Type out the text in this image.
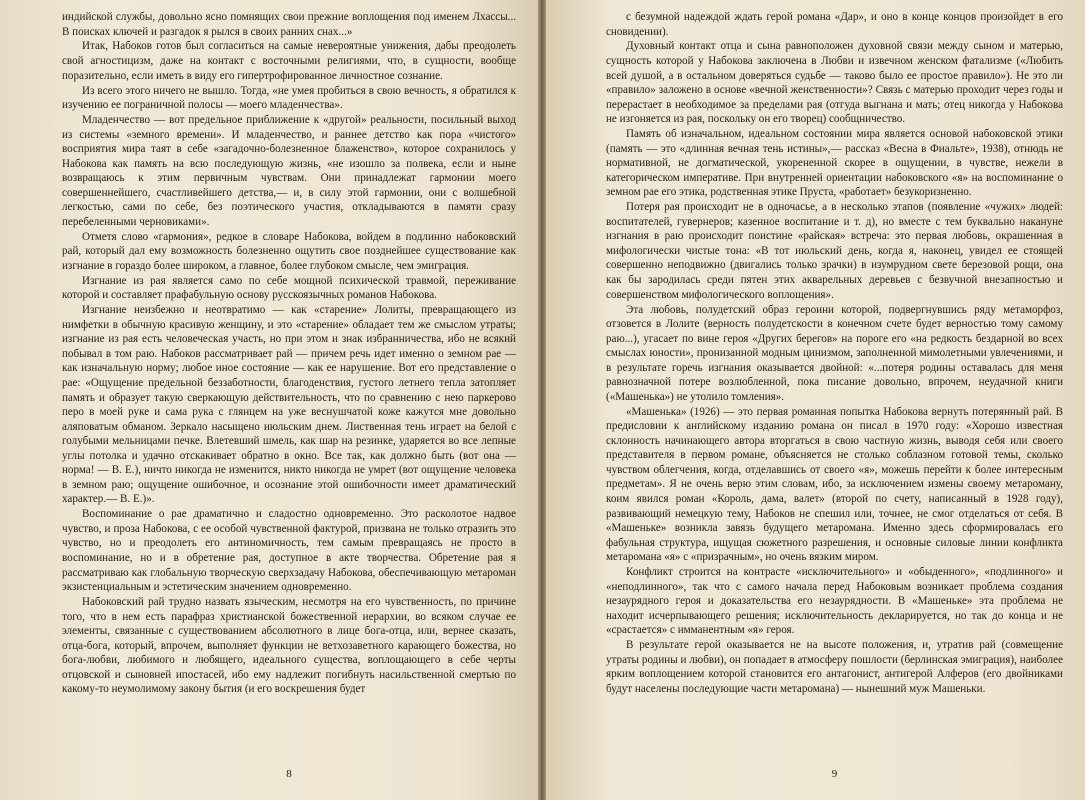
индийской службы, довольно ясно помнящих свои прежние воплощения под именем Лхассы... В поисках ключей и разгадок я рылся в своих ранних снах...»

Итак, Набоков готов был согласиться на самые невероятные унижения, дабы преодолеть свой агностицизм, даже на контакт с восточными религиями, что, в сущности, вообще поразительно, если иметь в виду его гипертрофированное личностное сознание.

Из всего этого ничего не вышло. Тогда, «не умея пробиться в свою вечность, я обратился к изучению ее пограничной полосы — моего младенчества».

Младенчество — вот предельное приближение к «другой» реальности, посильный выход из системы «земного времени». И младенчество, и раннее детство как пора «чистого» восприятия мира таят в себе «загадочно-болезненное блаженство», которое сохранилось у Набокова как память на всю последующую жизнь, «не изошло за полвека, если и ныне возвращаюсь к этим первичным чувствам. Они принадлежат гармонии моего совершеннейшего, счастливейшего детства,— и, в силу этой гармонии, они с волшебной легкостью, сами по себе, без поэтического участия, откладываются в памяти сразу перебеленными черновиками».

Отметя слово «гармония», редкое в словаре Набокова, войдем в подлинно набоковский рай, который дал ему возможность болезненно ощутить свое позднейшее существование как изгнание в гораздо более широком, а главное, более глубоком смысле, чем эмиграция.

Изгнание из рая является само по себе мощной психической травмой, переживание которой и составляет прафабульную основу русскоязычных романов Набокова.

Изгнание неизбежно и неотвратимо — как «старение» Лолиты, превращающего из нимфетки в обычную красивую женщину, и это «старение» обладает тем же смыслом утраты; изгнание из рая есть человеческая участь, но при этом и знак избранничества, ибо не всякий побывал в том раю. Набоков рассматривает рай — причем речь идет именно о земном рае — как изначальную норму; любое иное состояние — как ее нарушение. Вот его представление о рае: «Ощущение предельной беззаботности, благоденствия, густого летнего тепла затопляет память и образует такую сверкающую действительность, что по сравнению с нею паркерово перо в моей руке и сама рука с глянцем на уже веснушчатой коже кажутся мне довольно аляповатым обманом. Зеркало насыщено июльским днем. Лиственная тень играет на белой с голубыми мельницами печке. Влетевший шмель, как шар на резинке, ударяется во все лепные углы потолка и удачно отскакивает обратно в окно. Все так, как должно быть (вот она — норма! — В. Е.), ничто никогда не изменится, никто никогда не умрет (вот ощущение человека в земном раю; ощущение ошибочное, и осознание этой ошибочности имеет драматический характер.— В. Е.)».

Воспоминание о рае драматично и сладостно одновременно. Это расколотое надвое чувство, и проза Набокова, с ее особой чувственной фактурой, призвана не только отразить это чувство, но и преодолеть его антиномичность, тем самым превращаясь не просто в воспоминание, но и в обретение рая, доступное в акте творчества. Обретение рая я рассматриваю как глобальную творческую сверхзадачу Набокова, обеспечивающую метароман экзистенциальным и эстетическим значением одновременно.

Набоковский рай трудно назвать языческим, несмотря на его чувственность, по причине того, что в нем есть парафраз христианской божественной иерархии, во всяком случае ее элементы, связанные с существованием абсолютного в лице бога-отца, или, вернее сказать, отца-бога, который, впрочем, выполняет функции не ветхозаветного карающего божества, но бога-любви, любимого и любящего, идеального существа, воплощающего в себе черты отцовской и сыновней ипостасей, ибо ему надлежит погибнуть насильственной смертью по какому-то неумолимому закону бытия (и его воскрешения будет

8

с безумной надеждой ждать герой романа «Дар», и оно в конце концов произойдет в его сновидении).

Духовный контакт отца и сына равноположен духовной связи между сыном и матерью, сущность которой у Набокова заключена в Любви и извечном женском фатализме («Любить всей душой, а в остальном доверяться судьбе — таково было ее простое правило»). Не это ли «правило» заложено в основе «вечной женственности»? Связь с матерью проходит через годы и перерастает в необходимое за пределами рая (отгуда выгнана и мать; отец никогда у Набокова не изгоняется из рая, поскольку он его творец) сообщничество.

Память об изначальном, идеальном состоянии мира является основой набоковской этики (память — это «длинная вечная тень истины»,— рассказ «Весна в Фиальте», 1938), отнюдь не нормативной, не догматической, укорененной скорее в ощущении, в чувстве, нежели в категорическом императиве. При внутренней ориентации набоковского «я» на воспоминание о земном рае его этика, родственная этике Пруста, «работает» безукоризненно.

Потеря рая происходит не в одночасье, а в несколько этапов (появление «чужих» людей: воспитателей, гувернеров; казенное воспитание и т. д), но вместе с тем буквально накануне изгнания в раю происходит поистине «райская» встреча: это первая любовь, окрашенная в мифологически чистые тона: «В тот июльский день, когда я, наконец, увидел ее стоящей совершенно неподвижно (двигались только зрачки) в изумрудном свете березовой рощи, она как бы зародилась среди пятен этих акварельных деревьев с безвучной внезапностью и совершенством мифологического воплощения».

Эта любовь, полудетский образ героини которой, подвергнувшись ряду метаморфоз, отзовется в Лолите (верность полудетскости в конечном счете будет верностью тому самому раю...), угасает по вине героя «Других берегов» на пороге его «на редкость бездарной во всех смыслах юности», пронизанной модным цинизмом, заполненной мимолетными увлечениями, и в результате горечь изгнания оказывается двойной: «...потеря родины оставалась для меня равнозначной потере возлюбленной, пока писание довольно, впрочем, неудачной книги («Машенька») не утолило томления».

«Машенька» (1926) — это первая романная попытка Набокова вернуть потерянный рай. В предисловии к английскому изданию романа он писал в 1970 году: «Хорошо известная склонность начинающего автора вторгаться в свою частную жизнь, выводя себя или своего представителя в первом романе, объясняется не столько соблазном готовой темы, сколько чувством облегчения, когда, отделавшись от своего «я», можешь перейти к более интересным предметам». Я не очень верю этим словам, ибо, за исключением измены своему метароману, коим явился роман «Король, дама, валет» (второй по счету, написанный в 1928 году), развивающий немецкую тему, Набоков не спешил или, точнее, не смог отделаться от себя. В «Машеньке» возникла завязь будущего метаромана. Именно здесь сформировалась его фабульная структура, ищущая сюжетного разрешения, и основные силовые линии конфликта метаромана «я» с «призрачным», но очень вязким миром.

Конфликт строится на контрасте «исключительного» и «обыденного», «подлинного» и «неподлинного», так что с самого начала перед Набоковым возникает проблема создания незаурядного героя и доказательства его незаурядности. В «Машеньке» эта проблема не находит исчерпывающего решения; исключительность декларируется, но так до конца и не «срастается» с имманентным «я» героя.

В результате герой оказывается не на высоте положения, и, утратив рай (совмещение утраты родины и любви), он попадает в атмосферу пошлости (берлинская эмиграция), наиболее ярким воплощением которой становится его антагонист, антигерой Алферов (его двойниками будут населены последующие части метаромана) — нынешний муж Машеньки.

9
